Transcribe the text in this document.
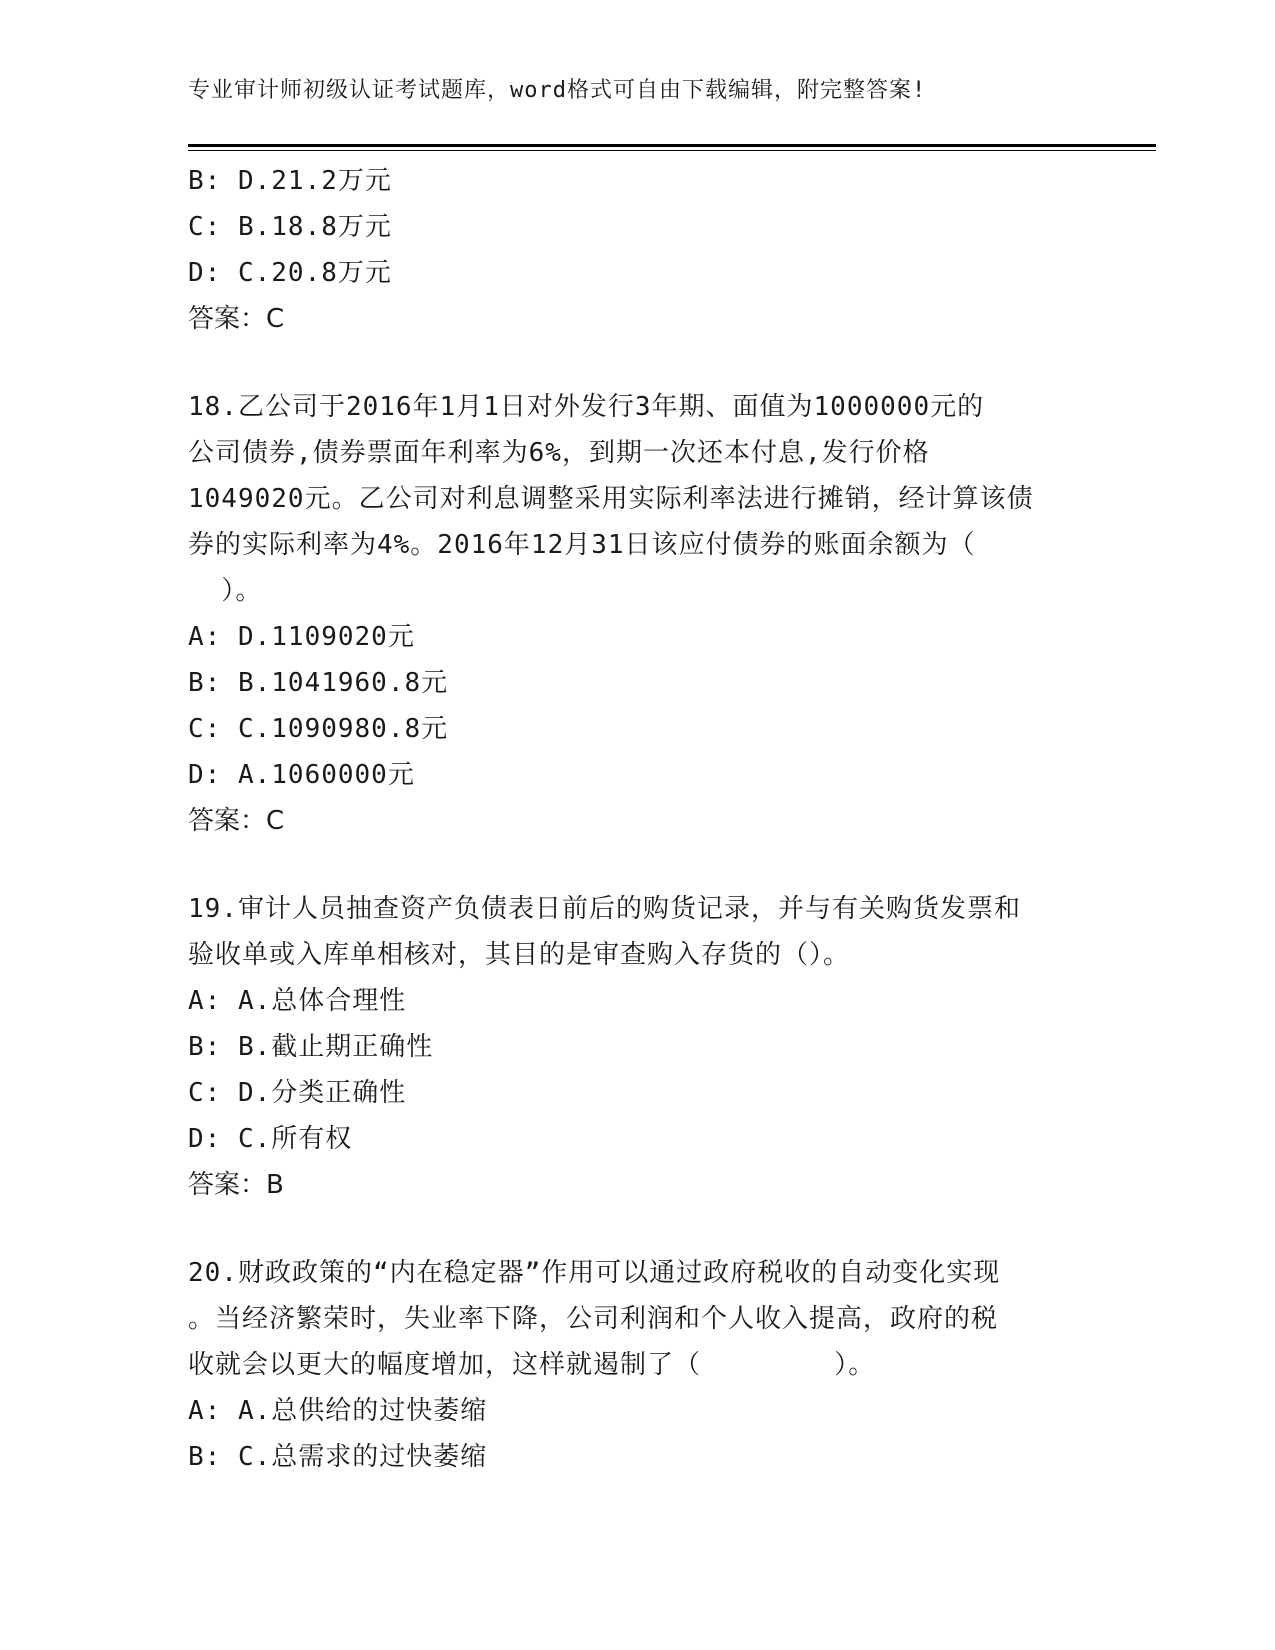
专业审计师初级认证考试题库，word格式可自由下载编辑，附完整答案!
B: D.21.2万元
C: B.18.8万元
D: C.20.8万元
答案：C
18.乙公司于2016年1月1日对外发行3年期、面值为1000000元的
公司债券,债券票面年利率为6%，到期一次还本付息,发行价格
1049020元。乙公司对利息调整采用实际利率法进行摊销，经计算该债
券的实际利率为4%。2016年12月31日该应付债券的账面余额为（
）。
A: D.1109020元
B: B.1041960.8元
C: C.1090980.8元
D: A.1060000元
答案：C
19.审计人员抽查资产负债表日前后的购货记录，并与有关购货发票和
验收单或入库单相核对，其目的是审查购入存货的（）。
A: A.总体合理性
B: B.截止期正确性
C: D.分类正确性
D: C.所有权
答案：B
20.财政政策的“内在稳定器”作用可以通过政府税收的自动变化实现
。当经济繁荣时，失业率下降，公司利润和个人收入提高，政府的税
收就会以更大的幅度增加，这样就遏制了（        ）。
A: A.总供给的过快萎缩
B: C.总需求的过快萎缩
